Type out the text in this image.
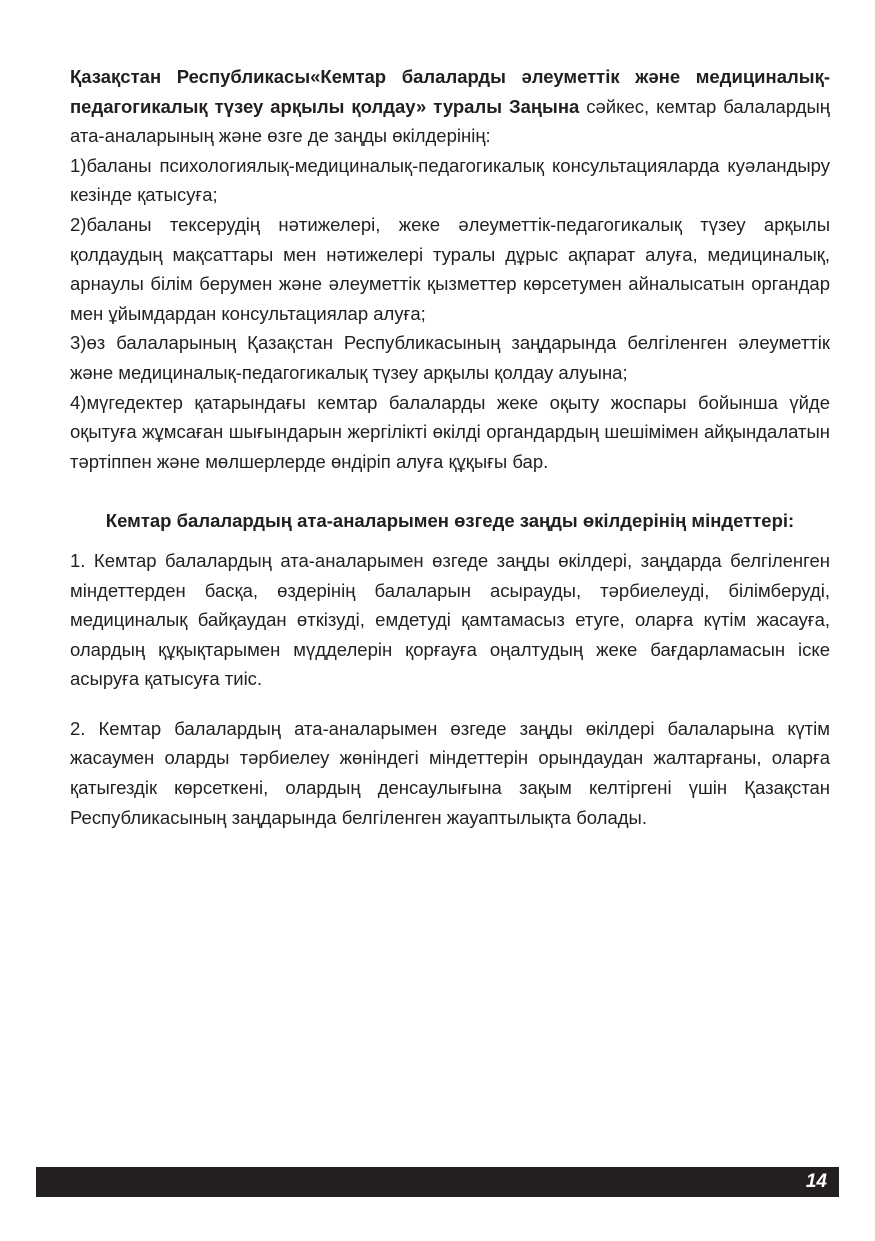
Қазақстан Республикасы«Кемтар балаларды әлеуметтік және медициналық-педагогикалық түзеу арқылы қолдау» туралы Заңына сәйкес, кемтар балалардың ата-аналарының және өзге де заңды өкілдерінің:
1)баланы психологиялық-медициналық-педагогикалық консультацияларда куәландыру кезінде қатысуға;
2)баланы тексерудің нәтижелері, жеке әлеуметтік-педагогикалық түзеу арқылы қолдаудың мақсаттары мен нәтижелері туралы дұрыс ақпарат алуға, медициналық, арнаулы білім берумен және әлеуметтік қызметтер көрсетумен айналысатын органдар мен ұйымдардан консультациялар алуға;
3)өз балаларының Қазақстан Республикасының заңдарында белгіленген әлеуметтік және медициналық-педагогикалық түзеу арқылы қолдау алуына;
4)мүгедектер қатарындағы кемтар балаларды жеке оқыту жоспары бойынша үйде оқытуға жұмсаған шығындарын жергілікті өкілді органдардың шешімімен айқындалатын тәртіппен және мөлшерлерде өндіріп алуға құқығы бар.

Кемтар балалардың ата-аналарымен өзгеде заңды өкілдерінің міндеттері:

1. Кемтар балалардың ата-аналарымен өзгеде заңды өкілдері, заңдарда белгіленген міндеттерден басқа, өздерінің балаларын асырауды, тәрбиелеуді, білімберуді, медициналық байқаудан өткізуді, емдетуді қамтамасыз етуге, оларға күтім жасауға, олардың құқықтарымен мүдделерін қорғауға оңалтудың жеке бағдарламасын іске асыруға қатысуға тиіс.

2. Кемтар балалардың ата-аналарымен өзгеде заңды өкілдері балаларына күтім жасаумен оларды тәрбиелеу жөніндегі міндеттерін орындаудан жалтарғаны, оларға қатыгездік көрсеткені, олардың денсаулығына зақым келтіргені үшін Қазақстан Республикасының заңдарында белгіленген жауаптылықта болады.

14
